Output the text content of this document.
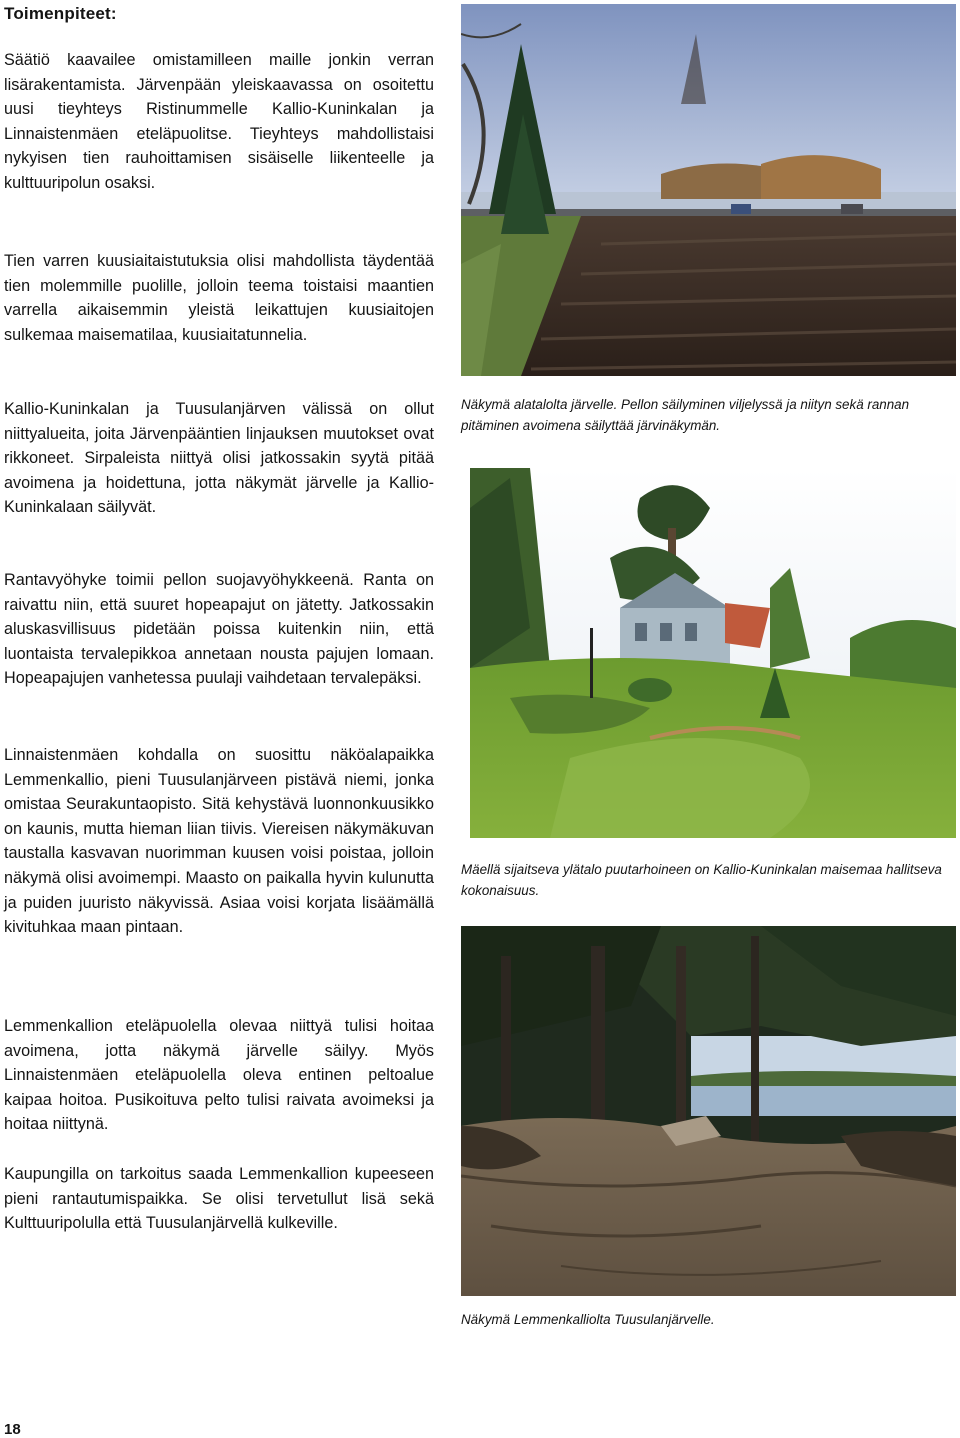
Toimenpiteet:

Säätiö kaavailee omistamilleen maille jonkin verran lisärakentamista. Järvenpään yleiskaavassa on osoitettu uusi tieyhteys Ristinummelle Kallio-Kuninkalan ja Linnaistenmäen eteläpuolitse. Tieyhteys mahdollistaisi nykyisen tien rauhoittamisen sisäiselle liikenteelle ja kulttuuripolun osaksi.

Tien varren kuusiaitaistutuksia olisi mahdollista täydentää tien molemmille puolille, jolloin teema toistaisi maantien varrella aikaisemmin yleistä leikattujen kuusiaitojen sulkemaa maisematilaa, kuusiaitatunnelia.

Kallio-Kuninkalan ja Tuusulanjärven välissä on ollut niittyalueita, joita Järvenpääntien linjauksen muutokset ovat rikkoneet. Sirpaleista niittyä olisi jatkossakin syytä pitää avoimena ja hoidettuna, jotta näkymät järvelle ja Kallio-Kuninkalaan säilyvät.

Rantavyöhyke toimii pellon suojavyöhykkeenä. Ranta on raivattu niin, että suuret hopeapajut on jätetty. Jatkossakin aluskasvillisuus pidetään poissa kuitenkin niin, että luontaista tervalepikkoa annetaan nousta pajujen lomaan. Hopeapajujen vanhetessa puulaji vaihdetaan tervalepäksi.

Linnaistenmäen kohdalla on suosittu näköalapaikka Lemmenkallio, pieni Tuusulanjärveen pistävä niemi, jonka omistaa Seurakuntaopisto. Sitä kehystävä luonnonkuusikko on kaunis, mutta hieman liian tiivis. Viereisen näkymäkuvan taustalla kasvavan nuorimman kuusen voisi poistaa, jolloin näkymä olisi avoimempi. Maasto on paikalla hyvin kulunutta ja puiden juuristo näkyvissä. Asiaa voisi korjata lisäämällä kivituhkaa maan pintaan.

Lemmenkallion eteläpuolella olevaa niittyä tulisi hoitaa avoimena, jotta näkymä järvelle säilyy. Myös Linnaistenmäen eteläpuolella oleva entinen peltoalue kaipaa hoitoa. Pusikoituva pelto tulisi raivata avoimeksi ja hoitaa niittynä.

Kaupungilla on tarkoitus saada Lemmenkallion kupeeseen pieni rantautumispaikka. Se olisi tervetullut lisä sekä Kulttuuripolulla että Tuusulanjärvellä kulkeville.

Näkymä alatalolta järvelle. Pellon säilyminen viljelyssä ja niityn sekä rannan pitäminen avoimena säilyttää järvinäkymän.
Mäellä sijaitseva ylätalo puutarhoineen on Kallio-Kuninkalan maisemaa hallitseva kokonaisuus.
Näkymä Lemmenkalliolta Tuusulanjärvelle.
18
